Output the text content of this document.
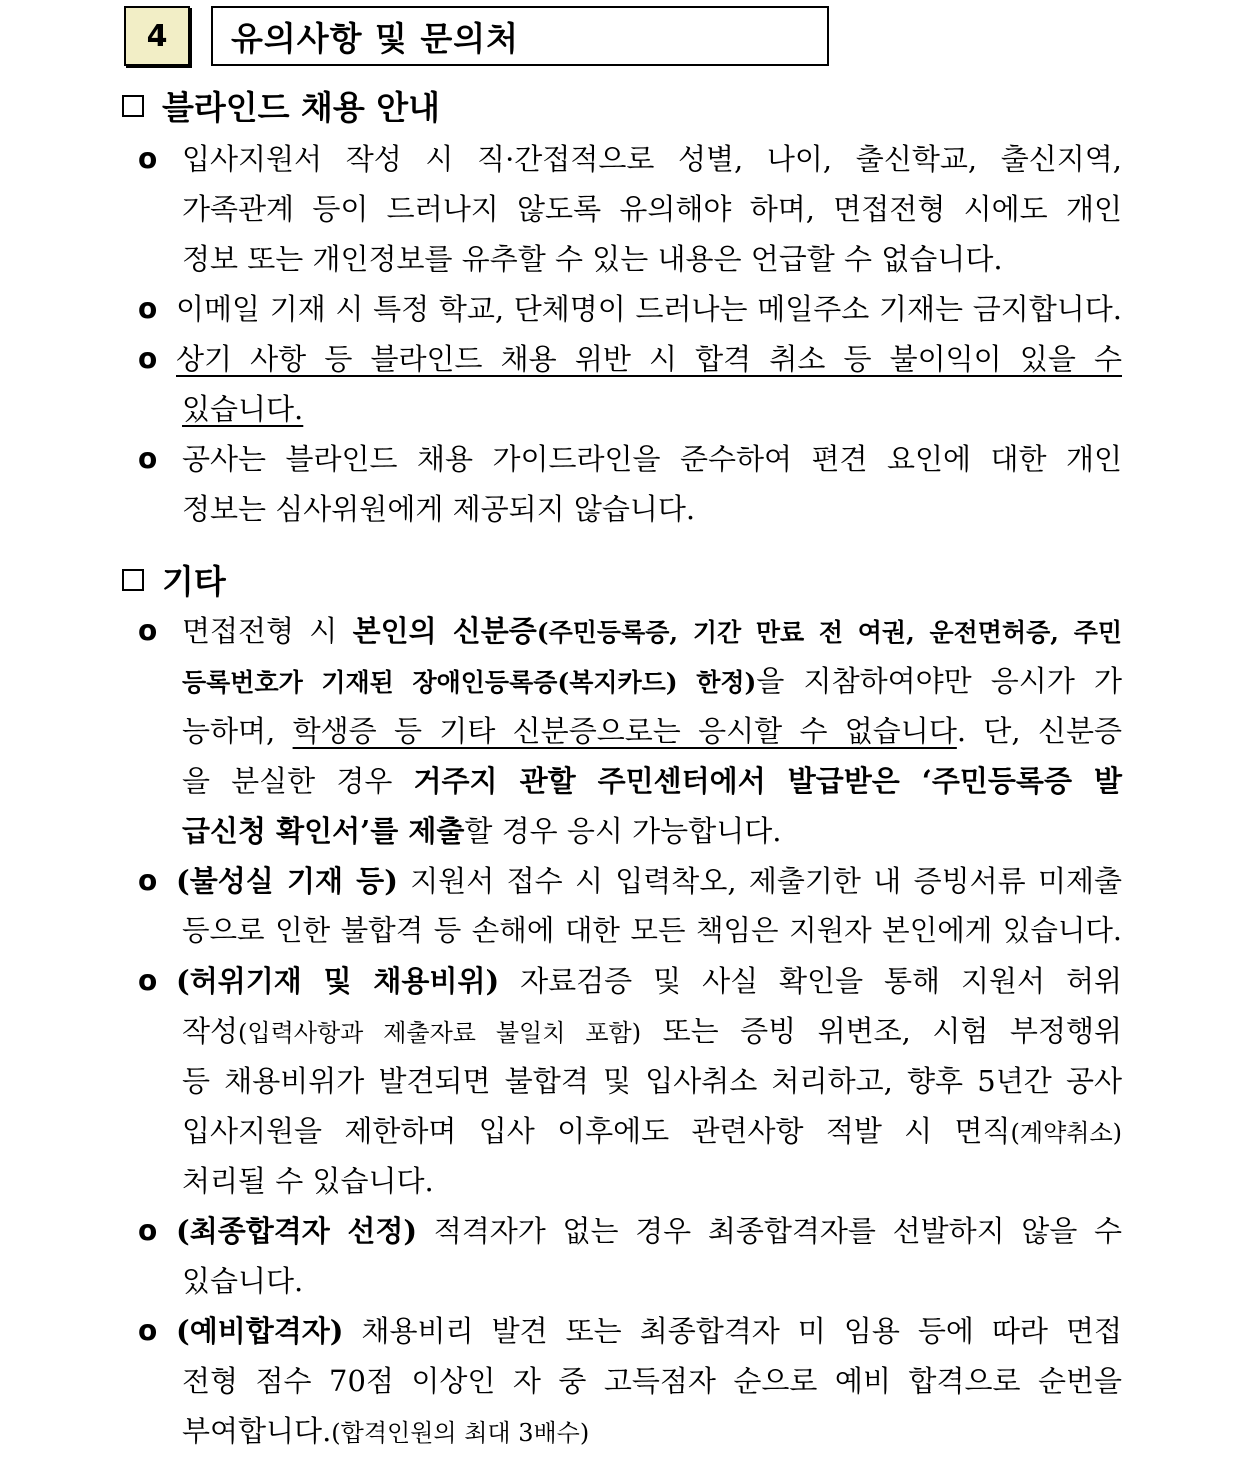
4	유의사항 및 문의처
블라인드 채용 안내
ο 입사지원서 작성 시 직·간접적으로 성별, 나이, 출신학교, 출신지역,
가족관계 등이 드러나지 않도록 유의해야 하며, 면접전형 시에도 개인
정보 또는 개인정보를 유추할 수 있는 내용은 언급할 수 없습니다.
ο 이메일 기재 시 특정 학교, 단체명이 드러나는 메일주소 기재는 금지합니다.
ο 상기 사항 등 블라인드 채용 위반 시 합격 취소 등 불이익이 있을 수
있습니다.
ο 공사는 블라인드 채용 가이드라인을 준수하여 편견 요인에 대한 개인
정보는 심사위원에게 제공되지 않습니다.
기타
ο 면접전형 시 본인의 신분증(주민등록증, 기간 만료 전 여권, 운전면허증, 주민
등록번호가 기재된 장애인등록증(복지카드) 한정)을 지참하여야만 응시가 가
능하며, 학생증 등 기타 신분증으로는 응시할 수 없습니다. 단, 신분증
을 분실한 경우 거주지 관할 주민센터에서 발급받은 ‘주민등록증 발
급신청 확인서’를 제출할 경우 응시 가능합니다.
ο (불성실 기재 등) 지원서 접수 시 입력착오, 제출기한 내 증빙서류 미제출
등으로 인한 불합격 등 손해에 대한 모든 책임은 지원자 본인에게 있습니다.
ο (허위기재 및 채용비위) 자료검증 및 사실 확인을 통해 지원서 허위
작성(입력사항과 제출자료 불일치 포함) 또는 증빙 위변조, 시험 부정행위
등 채용비위가 발견되면 불합격 및 입사취소 처리하고, 향후 5년간 공사
입사지원을 제한하며 입사 이후에도 관련사항 적발 시 면직(계약취소)
처리될 수 있습니다.
ο (최종합격자 선정) 적격자가 없는 경우 최종합격자를 선발하지 않을 수
있습니다.
ο (예비합격자) 채용비리 발견 또는 최종합격자 미 임용 등에 따라 면접
전형 점수 70점 이상인 자 중 고득점자 순으로 예비 합격으로 순번을
부여합니다.(합격인원의 최대 3배수)
